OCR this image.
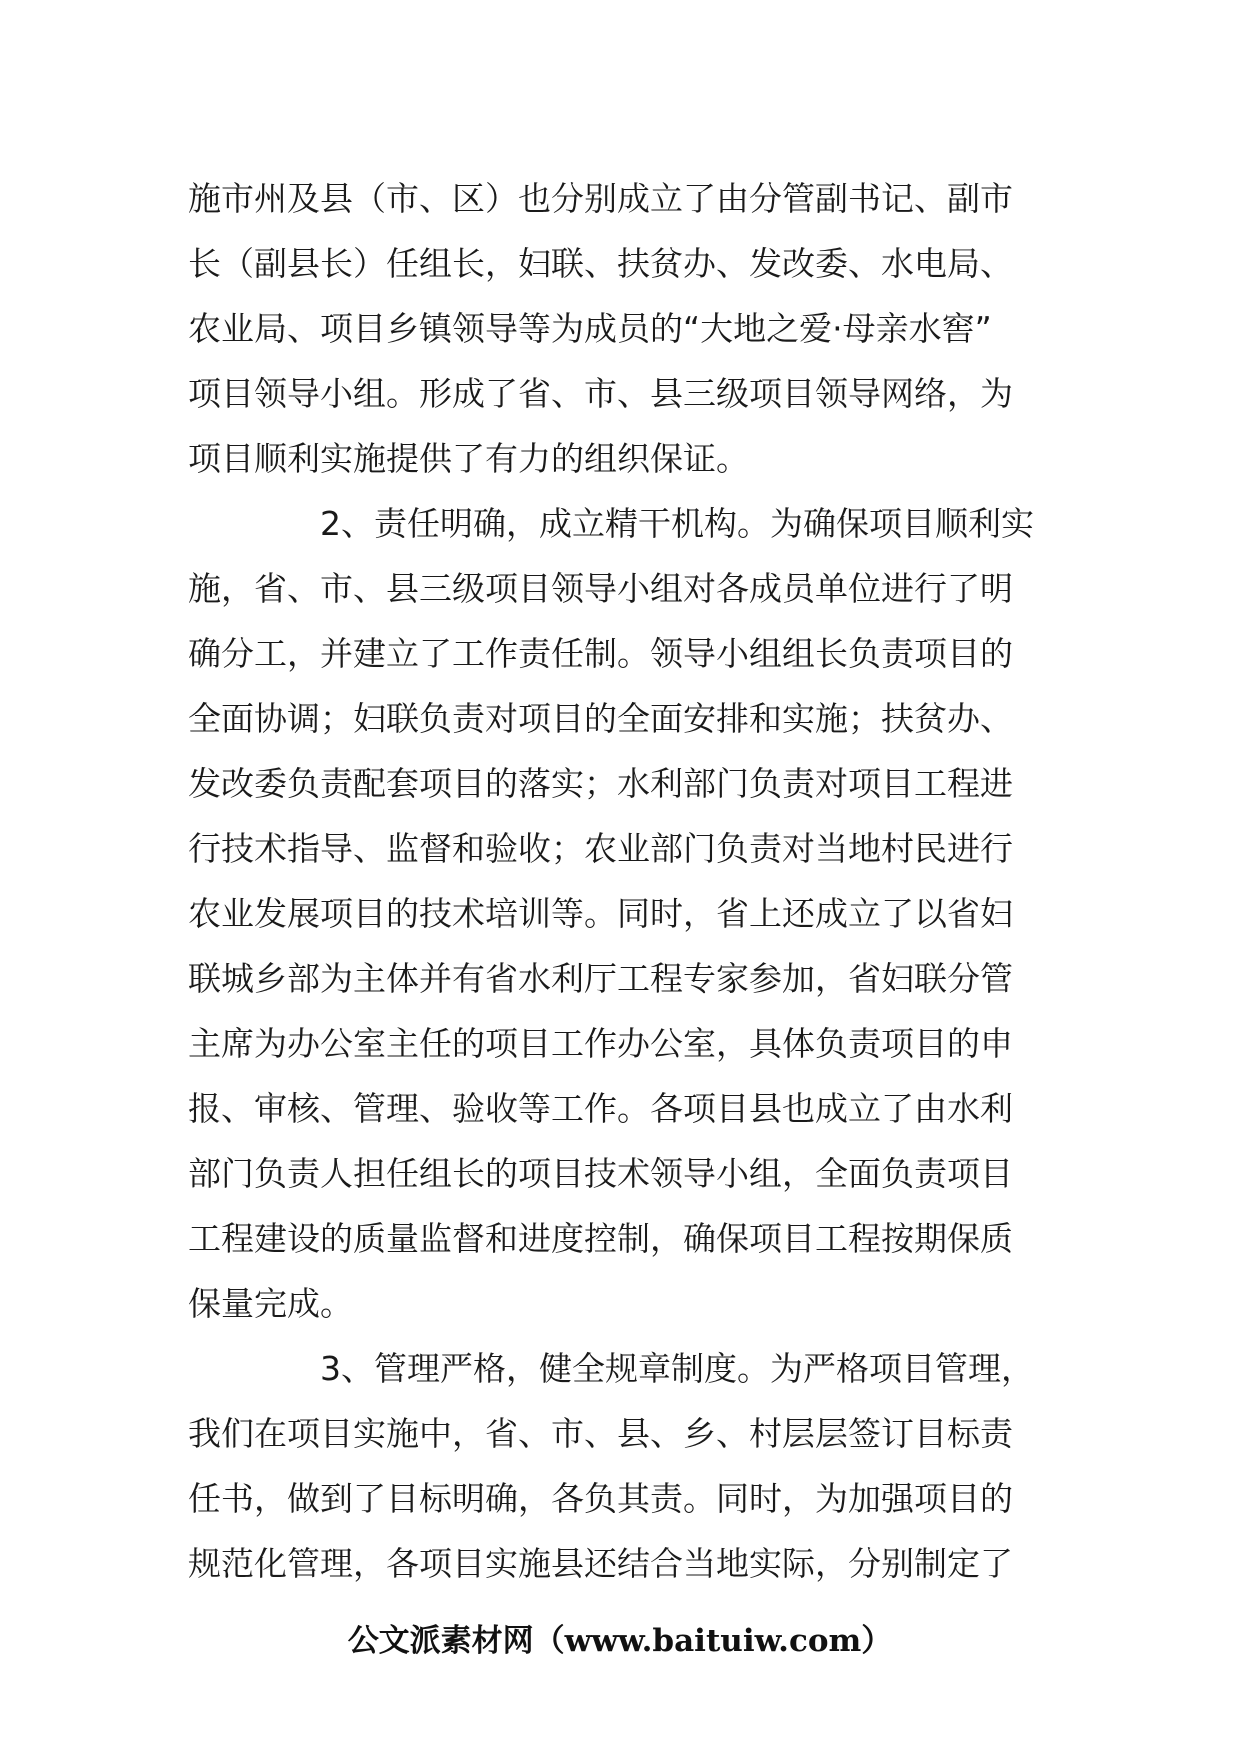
施市州及县（市、区）也分别成立了由分管副书记、副市
长（副县长）任组长，妇联、扶贫办、发改委、水电局、
农业局、项目乡镇领导等为成员的“大地之爱·母亲水窖”
项目领导小组。形成了省、市、县三级项目领导网络，为
项目顺利实施提供了有力的组织保证。
2、责任明确，成立精干机构。为确保项目顺利实
施，省、市、县三级项目领导小组对各成员单位进行了明
确分工，并建立了工作责任制。领导小组组长负责项目的
全面协调；妇联负责对项目的全面安排和实施；扶贫办、
发改委负责配套项目的落实；水利部门负责对项目工程进
行技术指导、监督和验收；农业部门负责对当地村民进行
农业发展项目的技术培训等。同时，省上还成立了以省妇
联城乡部为主体并有省水利厅工程专家参加，省妇联分管
主席为办公室主任的项目工作办公室，具体负责项目的申
报、审核、管理、验收等工作。各项目县也成立了由水利
部门负责人担任组长的项目技术领导小组，全面负责项目
工程建设的质量监督和进度控制，确保项目工程按期保质
保量完成。
3、管理严格，健全规章制度。为严格项目管理，
我们在项目实施中，省、市、县、乡、村层层签订目标责
任书，做到了目标明确，各负其责。同时，为加强项目的
规范化管理，各项目实施县还结合当地实际，分别制定了
公文派素材网（www.baituiw.com）
